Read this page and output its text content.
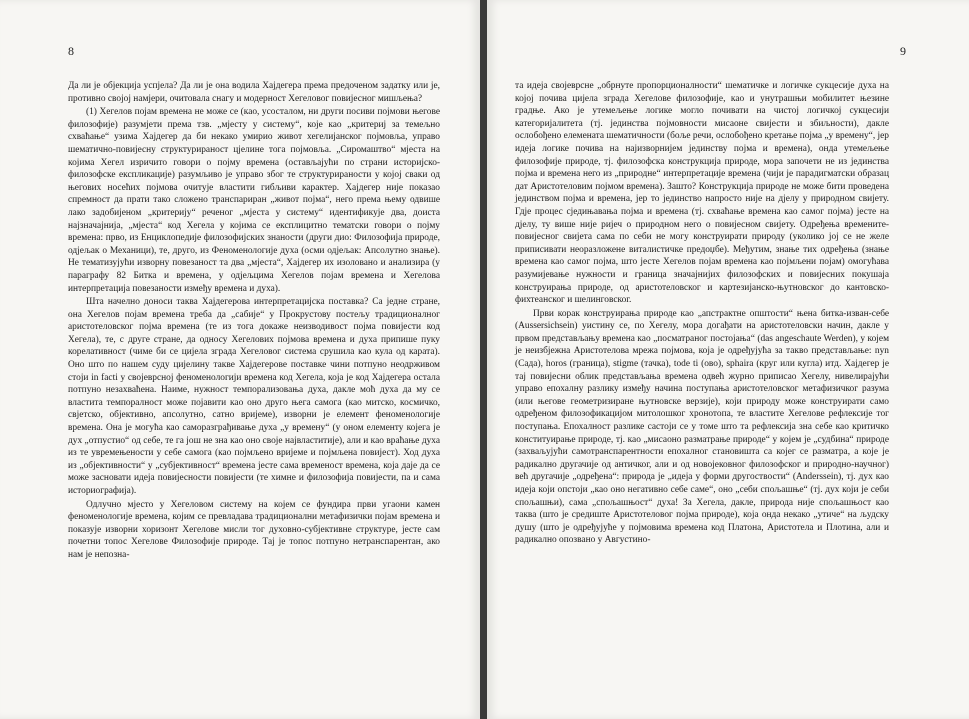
8

Да ли је објекција успјела? Да ли је она водила Хајдегера према предоченом задатку или је, противно својој намјери, очитовала снагу и модерност Хегеловог повијесног мишљења?

(1) Хегелов појам времена не може се (као, усосталом, ни други посиви појмови његове филозофије) разумјети према тзв. „мјесту у систему“, које као „критериј за темељно схваћање“ узима Хајдегер да би некако умирио живот хегелијанског појмовља, управо шематично-повијесну структурираност цјелине тога појмовља. „Сиромаштво“ мјеста на којима Хегел изричито говори о појму времена (остављајући по страни историјско-филозофске експликације) разумљиво је управо због те структурираности у којој сваки од његових носећих појмова очитује властити гибљиви карактер. Хајдегер није показао спремност да прати тако сложено транспариран „живот појма“, него према њему одвише лако задобијеном „критерију“ реченог „мјеста у систему“ идентификује два, доиста најзначајнија, „мјеста“ код Хегела у којима се експлицитно тематски говори о појму времена: прво, из Енциклопедије филозофијских знаности (други дио: Филозофија природе, одјељак о Механици), те, друго, из Феноменологије духа (осми одјељак: Апсолутно знање). Не тематизујући изворну повезаност та два „мјеста“, Хајдегер их изоловано и анализира (у параграфу 82 Битка и времена, у одјељцима Хегелов појам времена и Хегелова интерпретација повезаности између времена и духа).

Шта начелно доноси таква Хајдегерова интерпретацијска поставка? Са једне стране, она Хегелов појам времена треба да „сабије“ у Прокрустову постељу традиционалног аристотеловског појма времена (те из тога докаже неизводивост појма повијести код Хегела), те, с друге стране, да односу Хегелових појмова времена и духа припише пуку корелативност (чиме би се цијела зграда Хегеловог система срушила као кула од карата). Оно што по нашем суду цијелину такве Хајдегерове поставке чини потпуно неодрживом стоји in facti у својеврсној феноменологији времена код Хегела, која је код Хајдегера остала потпуно незахваћена. Наиме, нужност темпорализовања духа, дакле моћ духа да му се властита темпоралност може појавити као оно друго њега самога (као митско, космичко, свјетско, објективно, апсолутно, сатно вријеме), изворни је елемент феноменологије времена. Она је могућа као саморазграђивање духа „у времену“ (у оном елементу којега је дух „отпустио“ од себе, те га још не зна као оно своје највластитије), али и као враћање духа из те увремењености у себе самога (као појмљено вријеме и појмљена повијест). Ход духа из „објективности“ у „субјективност“ времена јесте сама временост времена, која даје да се може засновати идеја повијесности повијести (те химне и филозофија повијести, па и сама историографија).

Одлучно мјесто у Хегеловом систему на којем се фундира први угаони камен феноменологије времена, којим се превладава традиционални метафизички појам времена и показује изворни хоризонт Хегелове мисли тог духовно-субјективне структуре, јесте сам почетни топос Хегелове Филозофије природе. Тај је топос потпуно нетранспарентан, ако нам је непозна-

9

та идеја својеврсне „обрнуте пропорционалности“ шематичке и логичке сукцесије духа на којој почива цијела зграда Хегелове филозофије, као и унутрашњи мобилитет њезине градње. Ако је утемељење логике могло почивати на чистој логичкој сукцесији категоријалитета (тј. јединства појмовности мисаоне свијести и збиљности), дакле ослобођено елемената шематичности (боље речи, ослобођено кретање појма „у времену“, јер идеја логике почива на најизворнијем јединству појма и времена), онда утемељење филозофије природе, тј. филозофска конструкција природе, мора започети не из јединства појма и времена него из „природне“ интерпретације времена (чији је парадигматски образац дат Аристотеловим појмом времена). Зашто? Конструкција природе не може бити проведена јединством појма и времена, јер то јединство напросто није на дјелу у природном свијету. Гдје процес сједињавања појма и времена (тј. схваћање времена као самог појма) јесте на дјелу, ту више није ријеч о природном него о повијесном свијету. Одређења времените-повијесног свијета сама по себи не могу конструирати природу (уколико јој се не желе приписивати неоразложене виталистичке предоџбе). Међутим, знање тих одређења (знање времена као самог појма, што јесте Хегелов појам времена као појмљени појам) омогућава разумијевање нужности и граница значајнијих филозофских и повијесних покушаја конструирања природе, од аристотеловског и картезијанско-њутновског до кантовско-фихтеанског и шелинговског.

Први корак конструирања природе као „апстрактне општости“ њена битка-изван-себе (Aussersichsein) уистину се, по Хегелу, мора догађати на аристотеловски начин, дакле у првом представљању времена као „посматраног постојања“ (das angeschaute Werden), у којем је неизбјежна Аристотелова мрежа појмова, која је одређујућа за такво представљање: nyn (Сада), horos (граница), stigme (тачка), tode ti (ово), sphaira (круг или кугла) итд. Хајдегер је тај повијесни облик представљања времена одвећ журно приписао Хегелу, нивелирајући управо епохалну разлику између начина поступања аристотеловског метафизичког разума (или његове геометризиране њутновске верзије), који природу може конструирати само одређеном филозофикацијом митолошког хронотопа, те властите Хегелове рефлексије тог поступања. Епохалност разлике састоји се у томе што та рефлексија зна себе као критичко конституирање природе, тј. као „мисаоно разматрање природе“ у којем је „судбина“ природе (захваљујући самотранспарентности епохалног становишта са којег се разматра, а које је радикално другачије од античког, али и од новојековног филозофског и природно-научног) већ другачије „одређена“: природа је „идеја у форми другоствости“ (Anderssein), тј. дух као идеја који опстоји „као оно негативно себе саме“, оно „себи спољашње“ (тј. дух који је себи спољашњи), сама „спољашњост“ духа! За Хегела, дакле, природа није спољашњост као таква (што је средиште Аристотеловог појма природе), која онда некако „утиче“ на људску душу (што је одређујуће у појмовима времена код Платона, Аристотела и Плотина, али и радикално опозвано у Августино-
